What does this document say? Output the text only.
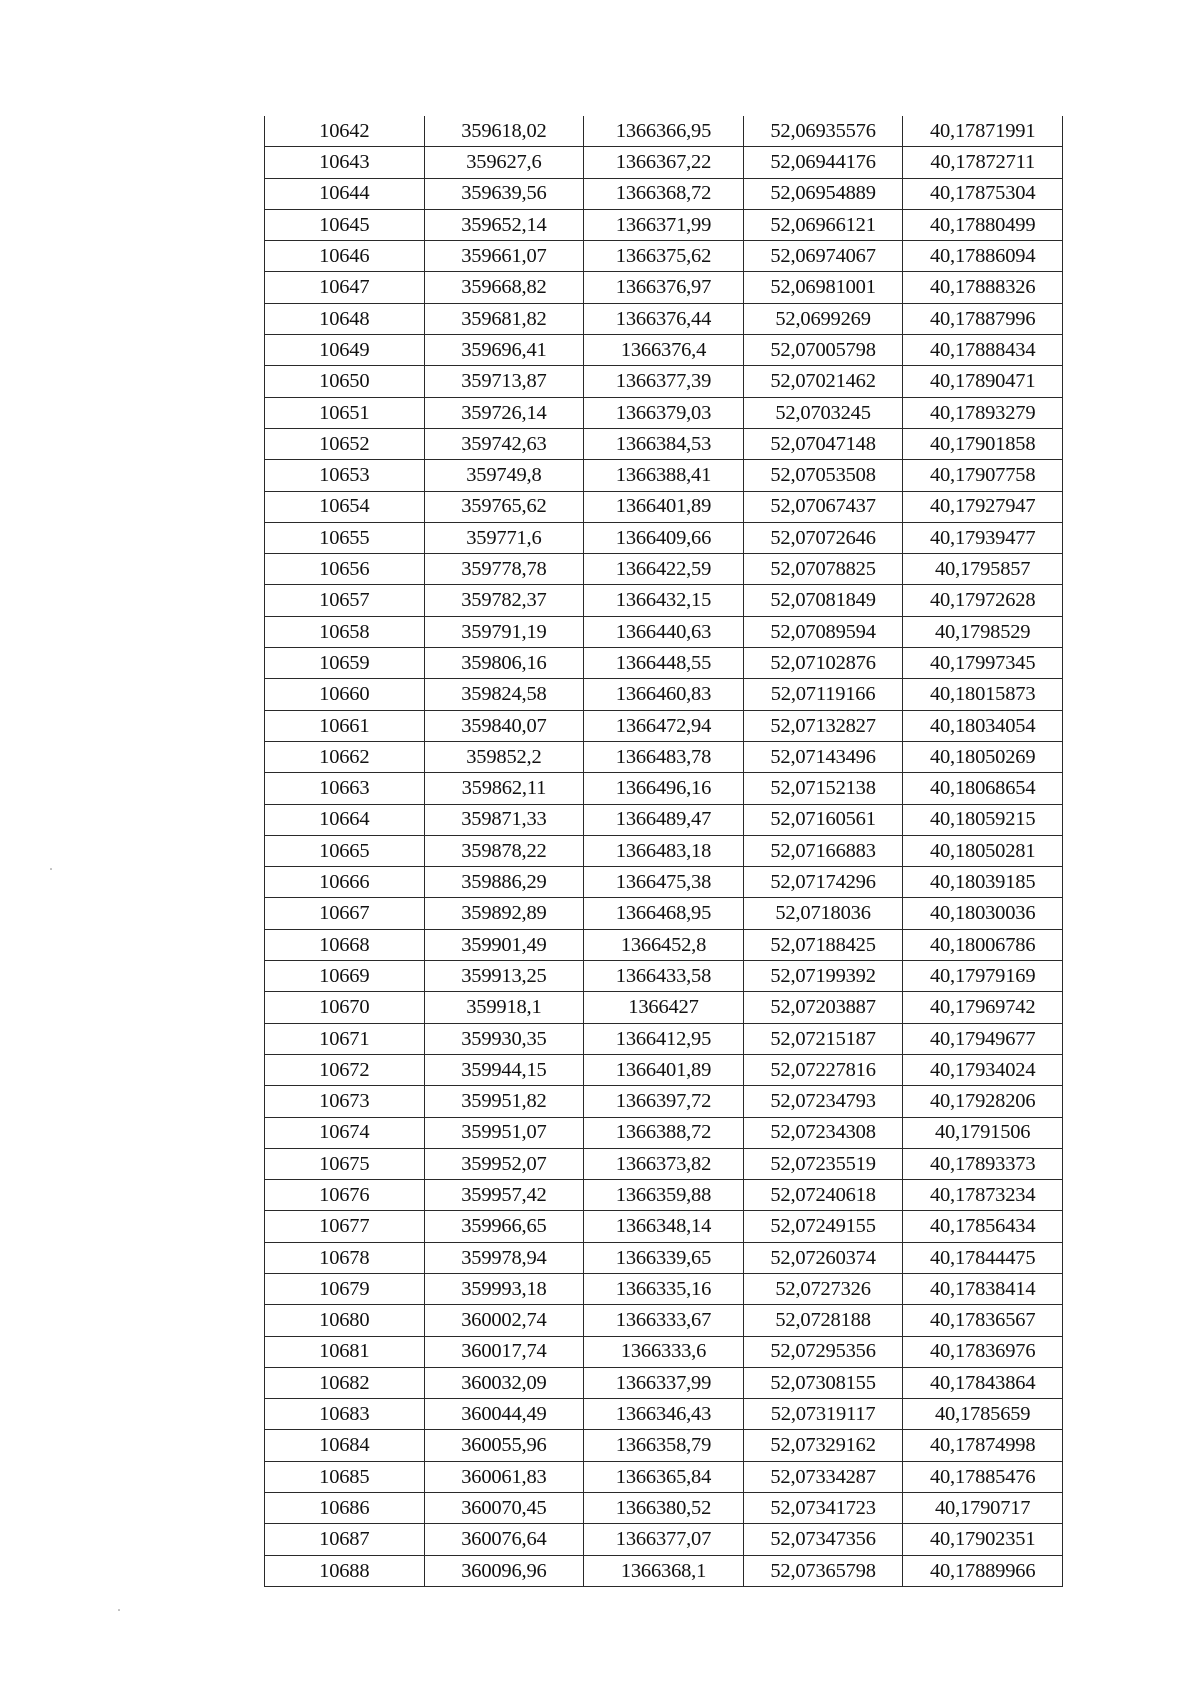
10642	359618,02	1366366,95	52,06935576	40,17871991
10643	359627,6	1366367,22	52,06944176	40,17872711
10644	359639,56	1366368,72	52,06954889	40,17875304
10645	359652,14	1366371,99	52,06966121	40,17880499
10646	359661,07	1366375,62	52,06974067	40,17886094
10647	359668,82	1366376,97	52,06981001	40,17888326
10648	359681,82	1366376,44	52,0699269	40,17887996
10649	359696,41	1366376,4	52,07005798	40,17888434
10650	359713,87	1366377,39	52,07021462	40,17890471
10651	359726,14	1366379,03	52,0703245	40,17893279
10652	359742,63	1366384,53	52,07047148	40,17901858
10653	359749,8	1366388,41	52,07053508	40,17907758
10654	359765,62	1366401,89	52,07067437	40,17927947
10655	359771,6	1366409,66	52,07072646	40,17939477
10656	359778,78	1366422,59	52,07078825	40,1795857
10657	359782,37	1366432,15	52,07081849	40,17972628
10658	359791,19	1366440,63	52,07089594	40,1798529
10659	359806,16	1366448,55	52,07102876	40,17997345
10660	359824,58	1366460,83	52,07119166	40,18015873
10661	359840,07	1366472,94	52,07132827	40,18034054
10662	359852,2	1366483,78	52,07143496	40,18050269
10663	359862,11	1366496,16	52,07152138	40,18068654
10664	359871,33	1366489,47	52,07160561	40,18059215
10665	359878,22	1366483,18	52,07166883	40,18050281
10666	359886,29	1366475,38	52,07174296	40,18039185
10667	359892,89	1366468,95	52,0718036	40,18030036
10668	359901,49	1366452,8	52,07188425	40,18006786
10669	359913,25	1366433,58	52,07199392	40,17979169
10670	359918,1	1366427	52,07203887	40,17969742
10671	359930,35	1366412,95	52,07215187	40,17949677
10672	359944,15	1366401,89	52,07227816	40,17934024
10673	359951,82	1366397,72	52,07234793	40,17928206
10674	359951,07	1366388,72	52,07234308	40,1791506
10675	359952,07	1366373,82	52,07235519	40,17893373
10676	359957,42	1366359,88	52,07240618	40,17873234
10677	359966,65	1366348,14	52,07249155	40,17856434
10678	359978,94	1366339,65	52,07260374	40,17844475
10679	359993,18	1366335,16	52,0727326	40,17838414
10680	360002,74	1366333,67	52,0728188	40,17836567
10681	360017,74	1366333,6	52,07295356	40,17836976
10682	360032,09	1366337,99	52,07308155	40,17843864
10683	360044,49	1366346,43	52,07319117	40,1785659
10684	360055,96	1366358,79	52,07329162	40,17874998
10685	360061,83	1366365,84	52,07334287	40,17885476
10686	360070,45	1366380,52	52,07341723	40,1790717
10687	360076,64	1366377,07	52,07347356	40,17902351
10688	360096,96	1366368,1	52,07365798	40,17889966
